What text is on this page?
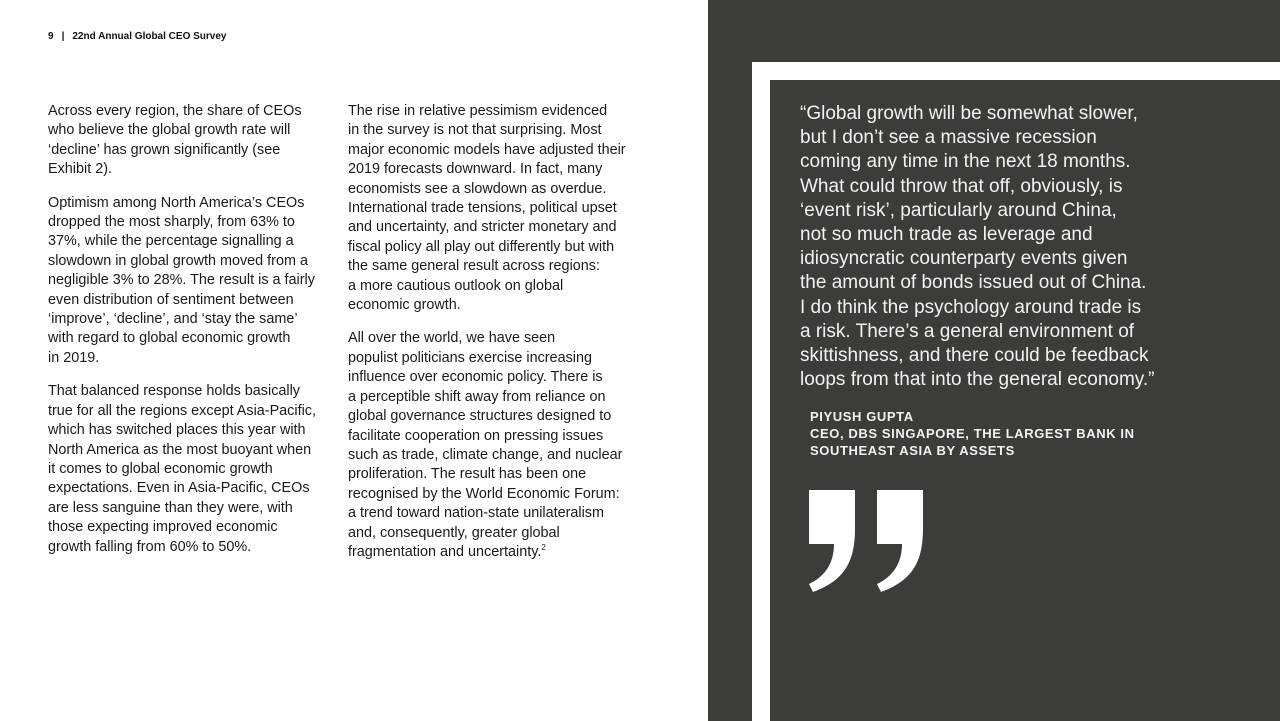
9 | 22nd Annual Global CEO Survey

Across every region, the share of CEOs
who believe the global growth rate will
‘decline’ has grown significantly (see
Exhibit 2).

Optimism among North America’s CEOs
dropped the most sharply, from 63% to
37%, while the percentage signalling a
slowdown in global growth moved from a
negligible 3% to 28%. The result is a fairly
even distribution of sentiment between
‘improve’, ‘decline’, and ‘stay the same’
with regard to global economic growth
in 2019.

That balanced response holds basically
true for all the regions except Asia-Pacific,
which has switched places this year with
North America as the most buoyant when
it comes to global economic growth
expectations. Even in Asia-Pacific, CEOs
are less sanguine than they were, with
those expecting improved economic
growth falling from 60% to 50%.

The rise in relative pessimism evidenced
in the survey is not that surprising. Most
major economic models have adjusted their
2019 forecasts downward. In fact, many
economists see a slowdown as overdue.
International trade tensions, political upset
and uncertainty, and stricter monetary and
fiscal policy all play out differently but with
the same general result across regions:
a more cautious outlook on global
economic growth.

All over the world, we have seen
populist politicians exercise increasing
influence over economic policy. There is
a perceptible shift away from reliance on
global governance structures designed to
facilitate cooperation on pressing issues
such as trade, climate change, and nuclear
proliferation. The result has been one
recognised by the World Economic Forum:
a trend toward nation-state unilateralism
and, consequently, greater global
fragmentation and uncertainty.$^2$

“Global growth will be somewhat slower,
but I don’t see a massive recession
coming any time in the next 18 months.
What could throw that off, obviously, is
‘event risk’, particularly around China,
not so much trade as leverage and
idiosyncratic counterparty events given
the amount of bonds issued out of China.
I do think the psychology around trade is
a risk. There’s a general environment of
skittishness, and there could be feedback
loops from that into the general economy.”

PIYUSH GUPTA
CEO, DBS SINGAPORE, THE LARGEST BANK IN
SOUTHEAST ASIA BY ASSETS
